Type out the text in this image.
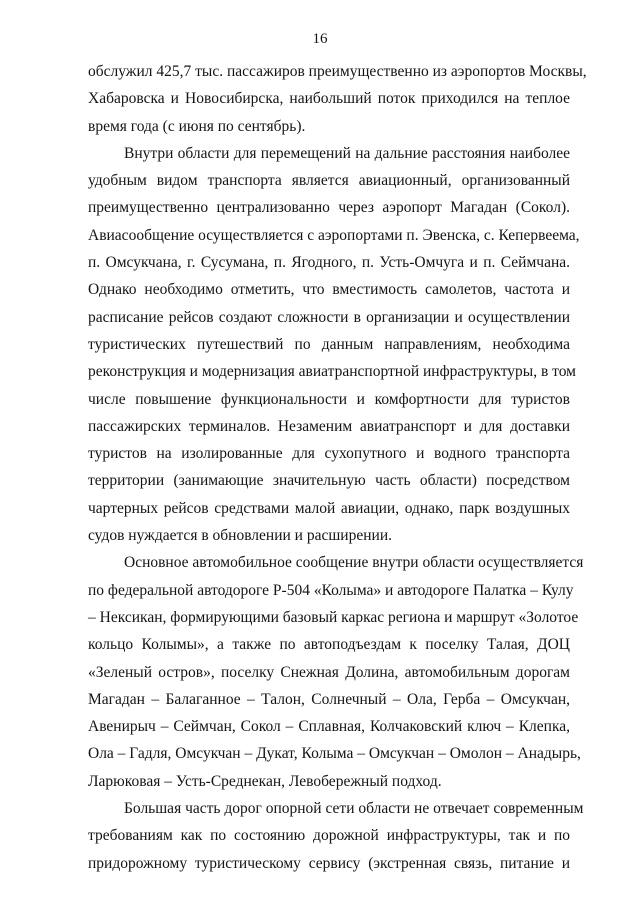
16
обслужил 425,7 тыс. пассажиров преимущественно из аэропортов Москвы,
Хабаровска и Новосибирска, наибольший поток приходился на теплое
время года (с июня по сентябрь).
Внутри области для перемещений на дальние расстояния наиболее
удобным видом транспорта является авиационный, организованный
преимущественно централизованно через аэропорт Магадан (Сокол).
Авиасообщение осуществляется с аэропортами п. Эвенска, с. Кепервеема,
п. Омсукчана, г. Сусумана, п. Ягодного, п. Усть-Омчуга и п. Сеймчана.
Однако необходимо отметить, что вместимость самолетов, частота и
расписание рейсов создают сложности в организации и осуществлении
туристических путешествий по данным направлениям, необходима
реконструкция и модернизация авиатранспортной инфраструктуры, в том
числе повышение функциональности и комфортности для туристов
пассажирских терминалов. Незаменим авиатранспорт и для доставки
туристов на изолированные для сухопутного и водного транспорта
территории (занимающие значительную часть области) посредством
чартерных рейсов средствами малой авиации, однако, парк воздушных
судов нуждается в обновлении и расширении.
Основное автомобильное сообщение внутри области осуществляется
по федеральной автодороге Р-504 «Колыма» и автодороге Палатка – Кулу
– Нексикан, формирующими базовый каркас региона и маршрут «Золотое
кольцо Колымы», а также по автоподъездам к поселку Талая, ДОЦ
«Зеленый остров», поселку Снежная Долина, автомобильным дорогам
Магадан – Балаганное – Талон, Солнечный – Ола, Герба – Омсукчан,
Авенирыч – Сеймчан, Сокол – Сплавная, Колчаковский ключ – Клепка,
Ола – Гадля, Омсукчан – Дукат, Колыма – Омсукчан – Омолон – Анадырь,
Ларюковая – Усть-Среднекан, Левобережный подход.
Большая часть дорог опорной сети области не отвечает современным
требованиям как по состоянию дорожной инфраструктуры, так и по
придорожному туристическому сервису (экстренная связь, питание и
